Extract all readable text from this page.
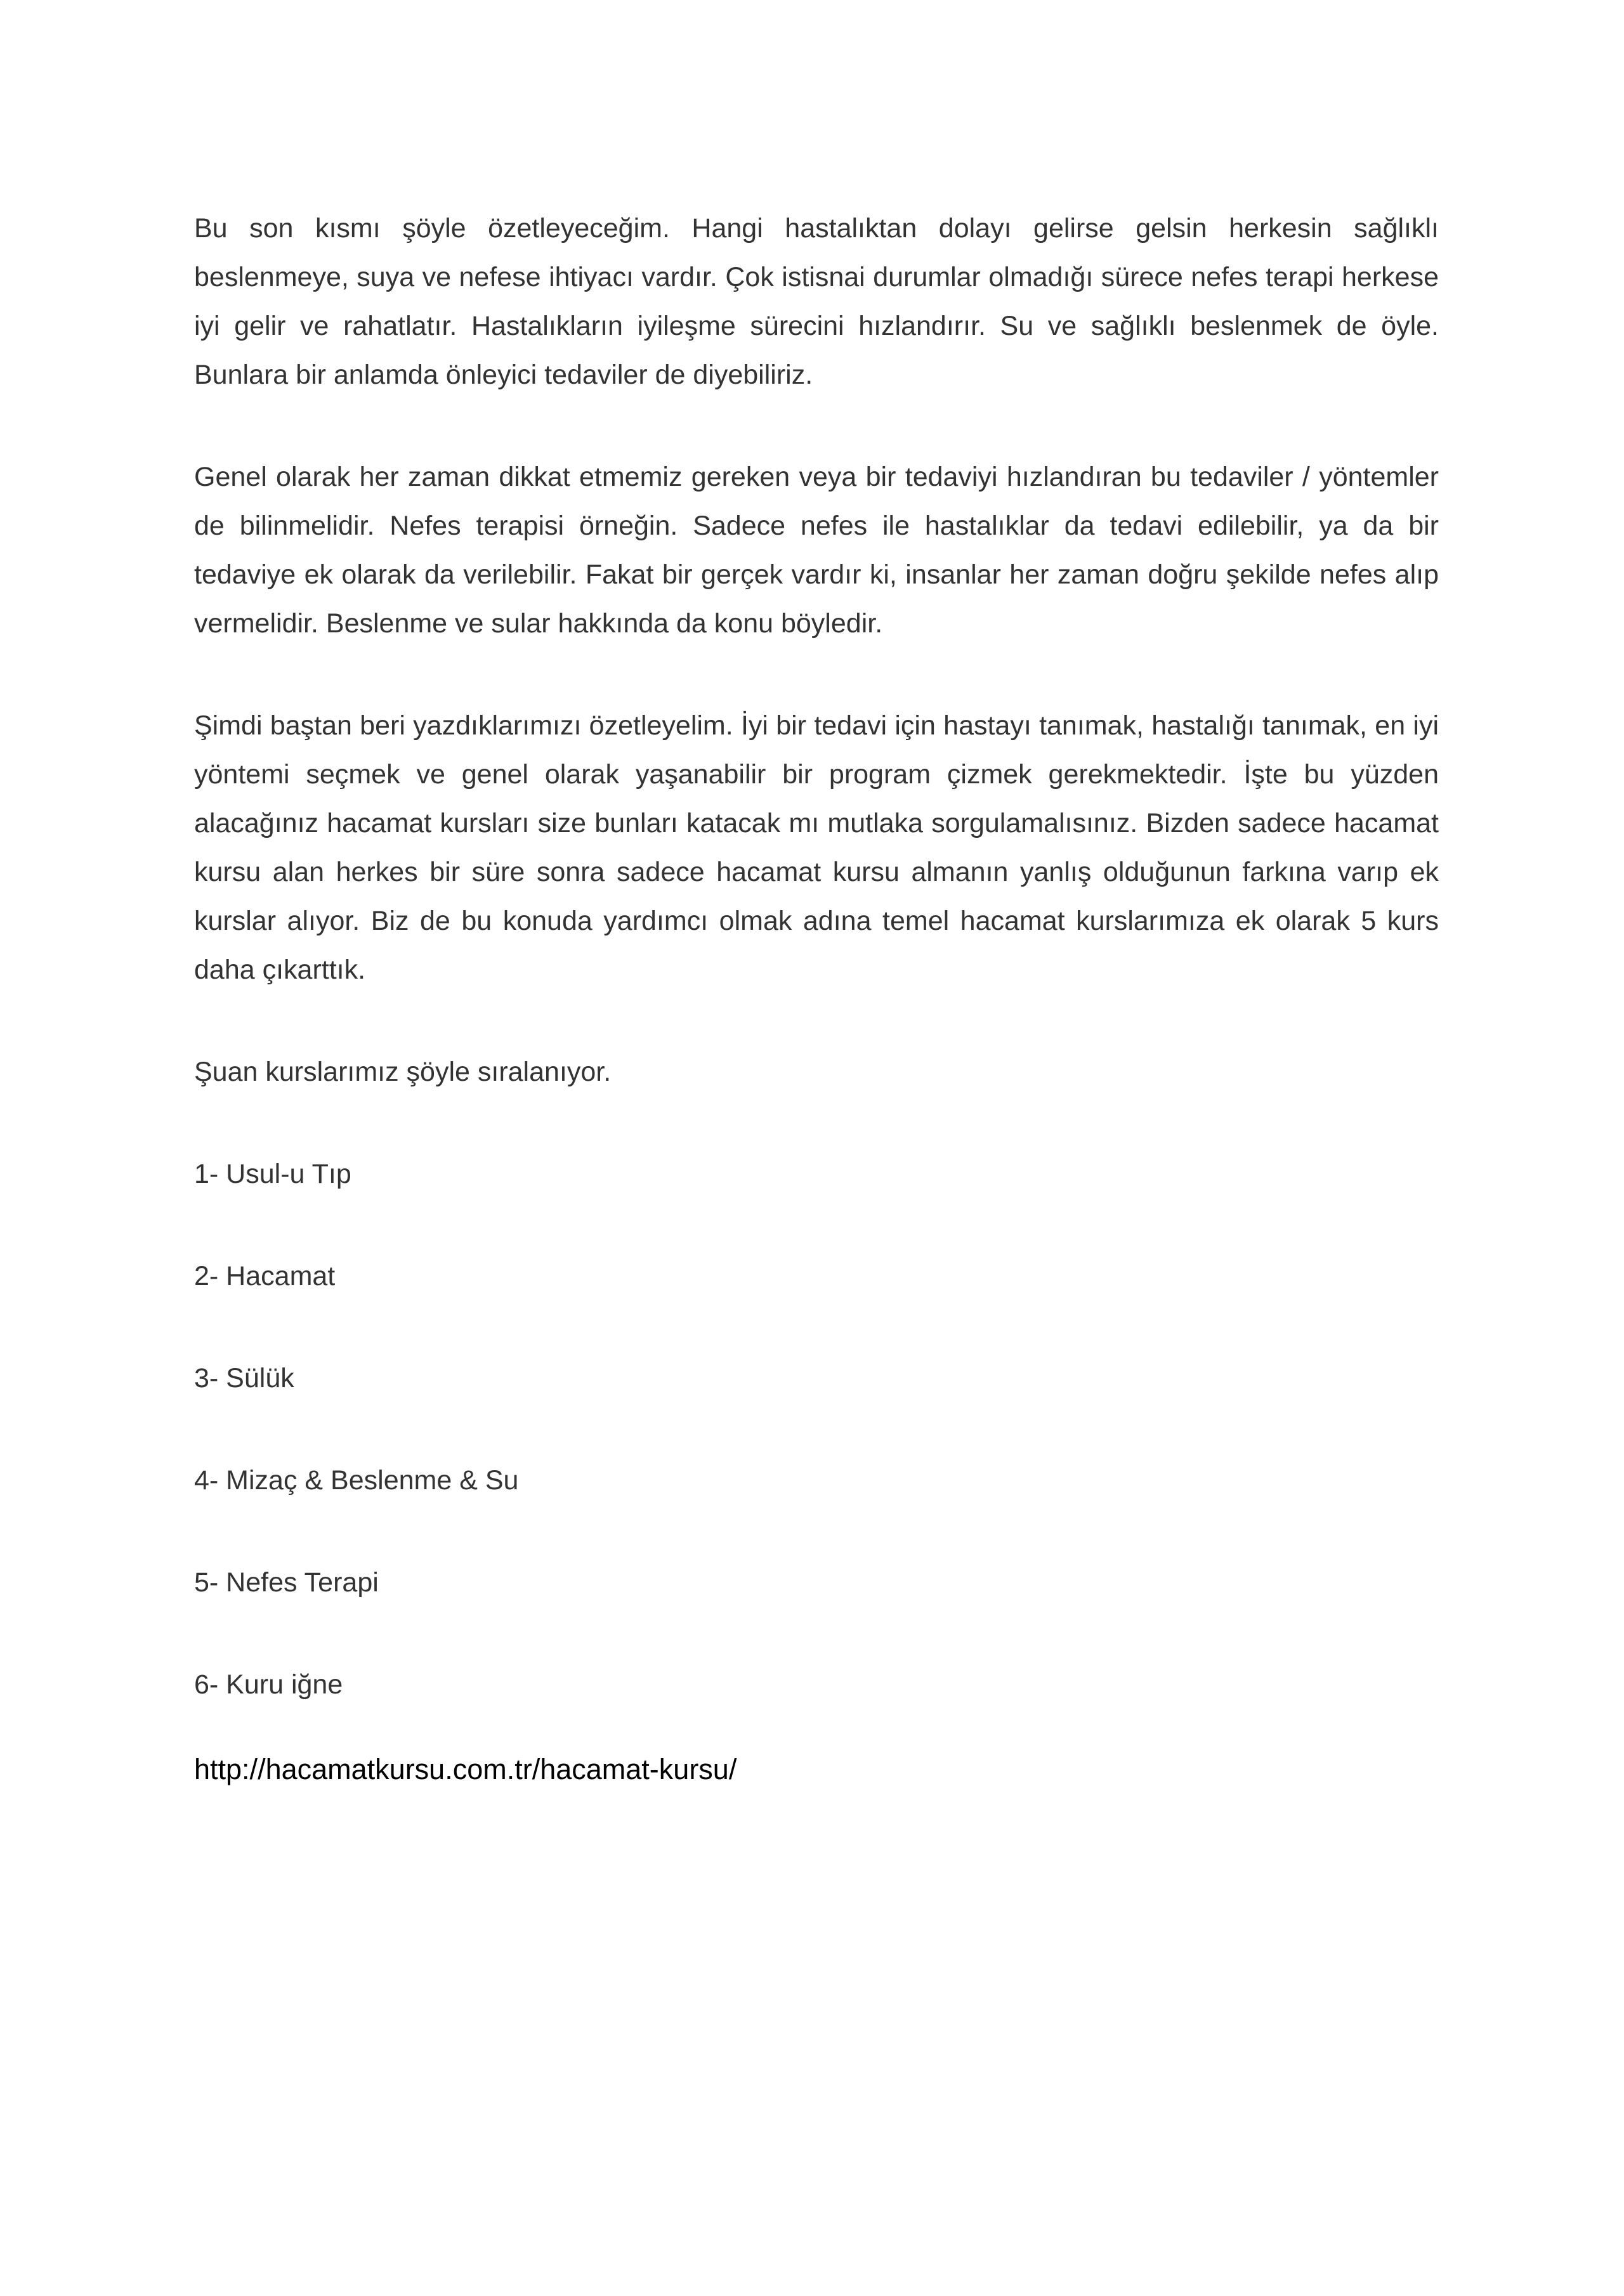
Bu son kısmı şöyle özetleyeceğim. Hangi hastalıktan dolayı gelirse gelsin herkesin sağlıklı beslenmeye, suya ve nefese ihtiyacı vardır. Çok istisnai durumlar olmadığı sürece nefes terapi herkese iyi gelir ve rahatlatır. Hastalıkların iyileşme sürecini hızlandırır. Su ve sağlıklı beslenmek de öyle. Bunlara bir anlamda önleyici tedaviler de diyebiliriz.

Genel olarak her zaman dikkat etmemiz gereken veya bir tedaviyi hızlandıran bu tedaviler / yöntemler de bilinmelidir. Nefes terapisi örneğin. Sadece nefes ile hastalıklar da tedavi edilebilir, ya da bir tedaviye ek olarak da verilebilir. Fakat bir gerçek vardır ki, insanlar her zaman doğru şekilde nefes alıp vermelidir. Beslenme ve sular hakkında da konu böyledir.

Şimdi baştan beri yazdıklarımızı özetleyelim. İyi bir tedavi için hastayı tanımak, hastalığı tanımak, en iyi yöntemi seçmek ve genel olarak yaşanabilir bir program çizmek gerekmektedir. İşte bu yüzden alacağınız hacamat kursları size bunları katacak mı mutlaka sorgulamalısınız. Bizden sadece hacamat kursu alan herkes bir süre sonra sadece hacamat kursu almanın yanlış olduğunun farkına varıp ek kurslar alıyor. Biz de bu konuda yardımcı olmak adına temel hacamat kurslarımıza ek olarak 5 kurs daha çıkarttık.

Şuan kurslarımız şöyle sıralanıyor.

1- Usul-u Tıp

2- Hacamat

3- Sülük

4- Mizaç & Beslenme & Su

5- Nefes Terapi

6- Kuru iğne

http://hacamatkursu.com.tr/hacamat-kursu/
